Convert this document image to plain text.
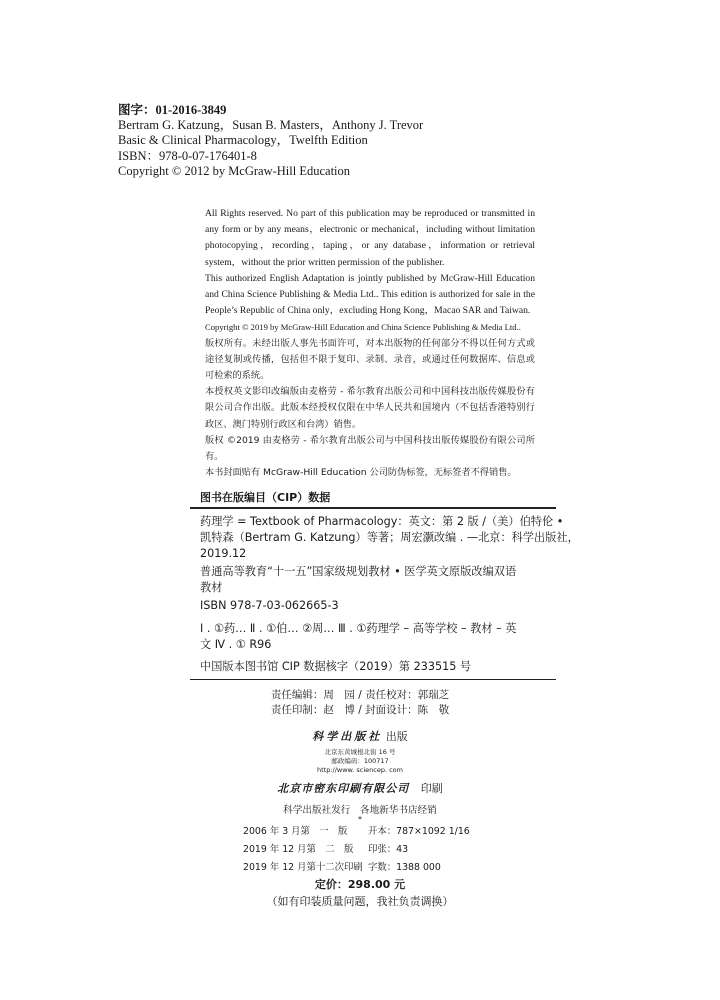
图字：01-2016-3849
Bertram G. Katzung，Susan B. Masters，Anthony J. Trevor
Basic & Clinical Pharmacology，Twelfth Edition
ISBN：978-0-07-176401-8
Copyright © 2012 by McGraw-Hill Education

All Rights reserved. No part of this publication may be reproduced or transmitted in any form or by any means，electronic or mechanical，including without limitation photocopying，recording，taping，or any database，information or retrieval system，without the prior written permission of the publisher.

This authorized English Adaptation is jointly published by McGraw-Hill Education and China Science Publishing & Media Ltd.. This edition is authorized for sale in the People’s Republic of China only，excluding Hong Kong，Macao SAR and Taiwan.

Copyright © 2019 by McGraw-Hill Education and China Science Publishing & Media Ltd..

版权所有。未经出版人事先书面许可，对本出版物的任何部分不得以任何方式或途径复制或传播，包括但不限于复印、录制、录音，或通过任何数据库、信息或可检索的系统。

本授权英文影印改编版由麦格劳 - 希尔教育出版公司和中国科技出版传媒股份有限公司合作出版。此版本经授权仅限在中华人民共和国境内（不包括香港特别行政区、澳门特别行政区和台湾）销售。

版权 ©2019 由麦格劳 - 希尔教育出版公司与中国科技出版传媒股份有限公司所有。

本书封面贴有 McGraw-Hill Education 公司防伪标签，无标签者不得销售。

图书在版编目（CIP）数据
药理学 = Textbook of Pharmacology：英文：第 2 版 /（美）伯特伦 •
凯特森（Bertram G. Katzung）等著；周宏灏改编 . —北京：科学出版社，
2019.12
普通高等教育“十一五”国家级规划教材 • 医学英文原版改编双语
教材
ISBN 978-7-03-062665-3
Ⅰ . ①药… Ⅱ . ①伯… ②周… Ⅲ . ①药理学 – 高等学校 – 教材 – 英
文 Ⅳ . ① R96
中国版本图书馆 CIP 数据核字（2019）第 233515 号
责任编辑：周　园 / 责任校对：郭瑞芝
责任印制：赵　博 / 封面设计：陈　敬
科学出版社 出版
北京东黄城根北街 16 号
邮政编码：100717
http://www. sciencep. com
北京市密东印刷有限公司 印刷
科学出版社发行　各地新华书店经销
*
2006 年 3 月第　一　版 开本：787×1092 1/16
2019 年 12 月第　二　版 印张：43
2019 年 12 月第十二次印刷 字数：1388 000
定价：298.00 元
（如有印装质量问题，我社负责调换）
